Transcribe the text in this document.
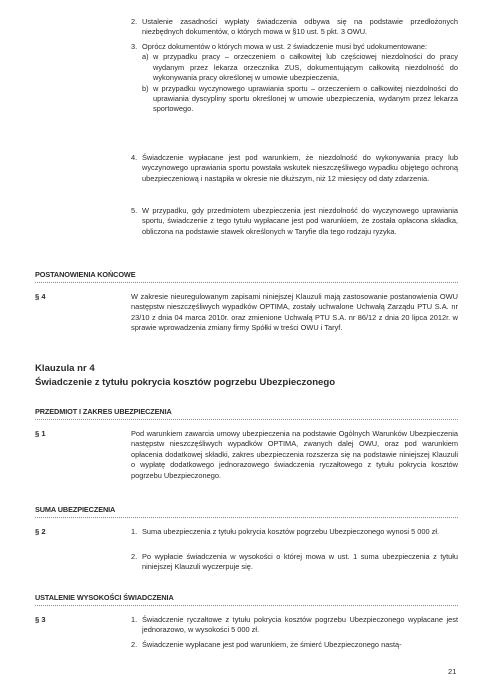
2. Ustalenie zasadności wypłaty świadczenia odbywa się na podstawie przedłożonych niezbędnych dokumentów, o których mowa w §10 ust. 5 pkt. 3 OWU.
3. Oprócz dokumentów o których mowa w ust. 2 świadczenie musi być udokumentowane:
a) w przypadku pracy – orzeczeniem o całkowitej lub częściowej niezdolności do pracy wydanym przez lekarza orzecznika ZUS, dokumentującym całkowitą niezdolność do wykonywania pracy określonej w umowie ubezpieczenia,
b) w przypadku wyczynowego uprawiania sportu – orzeczeniem o całkowitej niezdolności do uprawiania dyscypliny sportu określonej w umowie ubezpieczenia, wydanym przez lekarza sportowego.
4. Świadczenie wypłacane jest pod warunkiem, że niezdolność do wykonywania pracy lub wyczynowego uprawiania sportu powstała wskutek nieszczęśliwego wypadku objętego ochroną ubezpieczeniową i nastąpiła w okresie nie dłuższym, niż 12 miesięcy od daty zdarzenia.
5. W przypadku, gdy przedmiotem ubezpieczenia jest niezdolność do wyczynowego uprawiania sportu, świadczenie z tego tytułu wypłacane jest pod warunkiem, że została opłacona składka, obliczona na podstawie stawek określonych w Taryfie dla tego rodzaju ryzyka.
POSTANOWIENIA KOŃCOWE
§ 4	W zakresie nieuregulowanym zapisami niniejszej Klauzuli mają zastosowanie postanowienia OWU następstw nieszczęśliwych wypadków OPTIMA, zostały uchwalone Uchwałą Zarządu PTU S.A. nr 23/10 z dnia 04 marca 2010r. oraz zmienione Uchwałą PTU S.A. nr 86/12 z dnia 20 lipca 2012r. w sprawie wprowadzenia zmiany firmy Spółki w treści OWU i Taryf.
Klauzula nr 4
Świadczenie z tytułu pokrycia kosztów pogrzebu Ubezpieczonego
PRZEDMIOT I ZAKRES UBEZPIECZENIA
§ 1	Pod warunkiem zawarcia umowy ubezpieczenia na podstawie Ogólnych Warunków Ubezpieczenia następstw nieszczęśliwych wypadków OPTIMA, zwanych dalej OWU, oraz pod warunkiem opłacenia dodatkowej składki, zakres ubezpieczenia rozszerza się na podstawie niniejszej Klauzuli o wypłatę dodatkowego jednorazowego świadczenia ryczałtowego z tytułu pokrycia kosztów pogrzebu Ubezpieczonego.
SUMA UBEZPIECZENIA
§ 2	1. Suma ubezpieczenia z tytułu pokrycia kosztów pogrzebu Ubezpieczonego wynosi 5 000 zł.
2. Po wypłacie świadczenia w wysokości o której mowa w ust. 1 suma ubezpieczenia z tytułu niniejszej Klauzuli wyczerpuje się.
USTALENIE WYSOKOŚCI ŚWIADCZENIA
§ 3	1. Świadczenie ryczałtowe z tytułu pokrycia kosztów pogrzebu Ubezpieczonego wypłacane jest jednorazowo, w wysokości 5 000 zł.
2. Świadczenie wypłacane jest pod warunkiem, że śmierć Ubezpieczonego nastą-
21
